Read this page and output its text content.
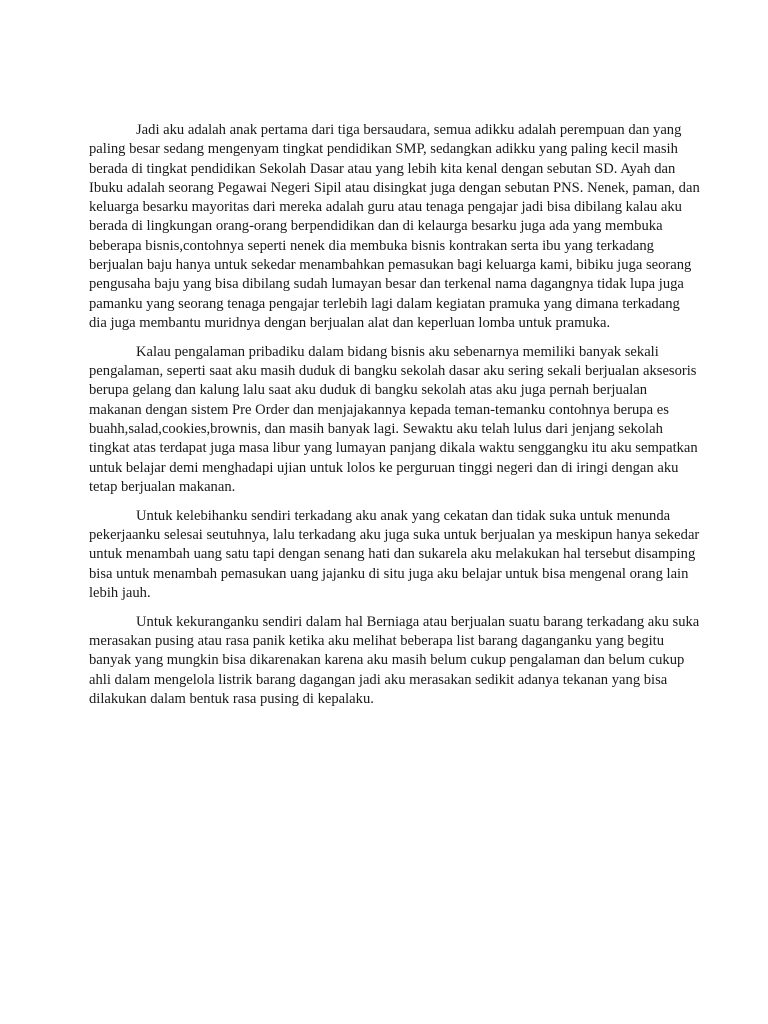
Jadi aku adalah anak pertama dari tiga bersaudara, semua adikku adalah perempuan dan yang paling besar sedang mengenyam tingkat pendidikan SMP, sedangkan adikku yang paling kecil masih berada di tingkat pendidikan Sekolah Dasar atau yang lebih kita kenal dengan sebutan SD. Ayah dan Ibuku adalah seorang Pegawai Negeri Sipil atau disingkat juga dengan sebutan PNS. Nenek, paman, dan keluarga besarku mayoritas dari mereka adalah guru atau tenaga pengajar jadi bisa dibilang kalau aku berada di lingkungan orang-orang berpendidikan dan di kelaurga besarku juga ada yang membuka beberapa bisnis,contohnya seperti nenek dia membuka bisnis kontrakan serta ibu yang terkadang berjualan baju hanya untuk sekedar menambahkan pemasukan bagi keluarga kami, bibiku juga seorang pengusaha baju yang bisa dibilang sudah lumayan besar dan terkenal nama dagangnya tidak lupa juga pamanku yang seorang tenaga pengajar terlebih lagi dalam kegiatan pramuka yang dimana terkadang dia juga membantu muridnya dengan berjualan alat dan keperluan lomba untuk pramuka.

Kalau pengalaman pribadiku dalam bidang bisnis aku sebenarnya memiliki banyak sekali pengalaman, seperti saat aku masih duduk di bangku sekolah dasar aku sering sekali berjualan aksesoris berupa gelang dan kalung lalu saat aku duduk di bangku sekolah atas aku juga pernah berjualan makanan dengan sistem Pre Order dan menjajakannya kepada teman-temanku contohnya berupa es buahh,salad,cookies,brownis, dan masih banyak lagi. Sewaktu aku telah lulus dari jenjang sekolah tingkat atas terdapat juga masa libur yang lumayan panjang dikala waktu senggangku itu aku sempatkan untuk belajar demi menghadapi ujian untuk lolos ke perguruan tinggi negeri dan di iringi dengan aku tetap berjualan makanan.

Untuk kelebihanku sendiri terkadang aku anak yang cekatan dan tidak suka untuk menunda pekerjaanku selesai seutuhnya, lalu terkadang aku juga suka untuk berjualan ya meskipun hanya sekedar untuk menambah uang satu tapi dengan senang hati dan sukarela aku melakukan hal tersebut disamping bisa untuk menambah pemasukan uang jajanku di situ juga aku belajar untuk bisa mengenal orang lain lebih jauh.

Untuk kekuranganku sendiri dalam hal Berniaga atau berjualan suatu barang terkadang aku suka merasakan pusing atau rasa panik ketika aku melihat beberapa list barang daganganku yang begitu banyak yang mungkin bisa dikarenakan karena aku masih belum cukup pengalaman dan belum cukup ahli dalam mengelola listrik barang dagangan jadi aku merasakan sedikit adanya tekanan yang bisa dilakukan dalam bentuk rasa pusing di kepalaku.
